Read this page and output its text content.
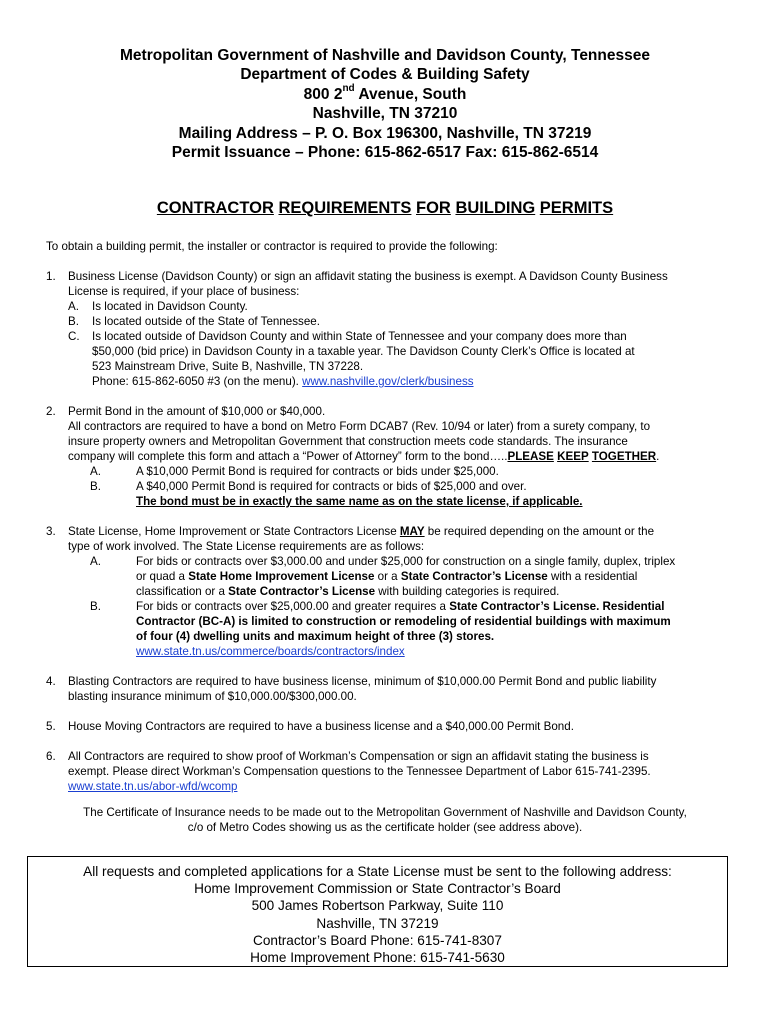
Metropolitan Government of Nashville and Davidson County, Tennessee
Department of Codes & Building Safety
800 2nd Avenue, South
Nashville, TN 37210
Mailing Address – P. O. Box 196300, Nashville, TN 37219
Permit Issuance – Phone: 615-862-6517 Fax: 615-862-6514
CONTRACTOR REQUIREMENTS FOR BUILDING PERMITS
To obtain a building permit, the installer or contractor is required to provide the following:
1. Business License (Davidson County) or sign an affidavit stating the business is exempt. A Davidson County Business
License is required, if your place of business:
A. Is located in Davidson County.
B. Is located outside of the State of Tennessee.
C. Is located outside of Davidson County and within State of Tennessee and your company does more than
$50,000 (bid price) in Davidson County in a taxable year. The Davidson County Clerk’s Office is located at
523 Mainstream Drive, Suite B, Nashville, TN 37228.
Phone: 615-862-6050 #3 (on the menu). www.nashville.gov/clerk/business
2. Permit Bond in the amount of $10,000 or $40,000.
All contractors are required to have a bond on Metro Form DCAB7 (Rev. 10/94 or later) from a surety company, to
insure property owners and Metropolitan Government that construction meets code standards. The insurance
company will complete this form and attach a “Power of Attorney” form to the bond…..PLEASE KEEP TOGETHER.
A.	A $10,000 Permit Bond is required for contracts or bids under $25,000.
B.	A $40,000 Permit Bond is required for contracts or bids of $25,000 and over.
The bond must be in exactly the same name as on the state license, if applicable.
3. State License, Home Improvement or State Contractors License MAY be required depending on the amount or the
type of work involved. The State License requirements are as follows:
A.	For bids or contracts over $3,000.00 and under $25,000 for construction on a single family, duplex, triplex
or quad a State Home Improvement License or a State Contractor’s License with a residential
classification or a State Contractor’s License with building categories is required.
B.	For bids or contracts over $25,000.00 and greater requires a State Contractor’s License. Residential
Contractor (BC-A) is limited to construction or remodeling of residential buildings with maximum
of four (4) dwelling units and maximum height of three (3) stores.
www.state.tn.us/commerce/boards/contractors/index
4. Blasting Contractors are required to have business license, minimum of $10,000.00 Permit Bond and public liability
blasting insurance minimum of $10,000.00/$300,000.00.
5. House Moving Contractors are required to have a business license and a $40,000.00 Permit Bond.
6. All Contractors are required to show proof of Workman’s Compensation or sign an affidavit stating the business is
exempt. Please direct Workman’s Compensation questions to the Tennessee Department of Labor 615-741-2395.
www.state.tn.us/abor-wfd/wcomp
The Certificate of Insurance needs to be made out to the Metropolitan Government of Nashville and Davidson County,
c/o of Metro Codes showing us as the certificate holder (see address above).
All requests and completed applications for a State License must be sent to the following address:
Home Improvement Commission or State Contractor’s Board
500 James Robertson Parkway, Suite 110
Nashville, TN 37219
Contractor’s Board Phone: 615-741-8307
Home Improvement Phone: 615-741-5630
